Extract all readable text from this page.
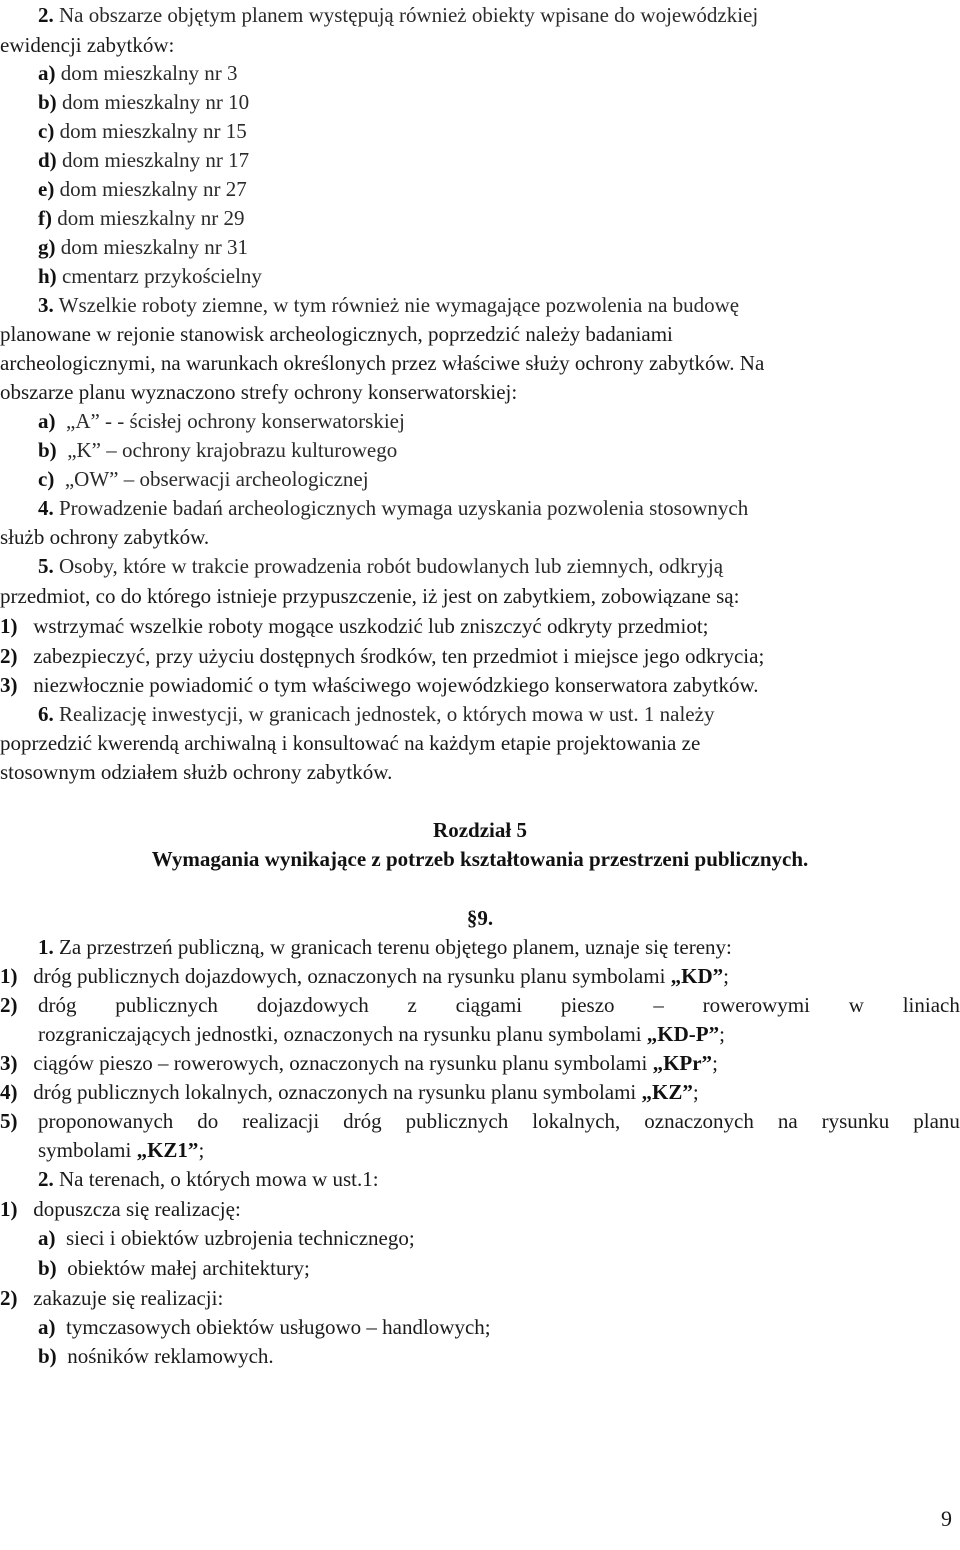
2. Na obszarze objętym planem występują również obiekty wpisane do wojewódzkiej
ewidencji zabytków:
a) dom mieszkalny nr 3
b) dom mieszkalny nr 10
c) dom mieszkalny nr 15
d) dom mieszkalny nr 17
e) dom mieszkalny nr 27
f) dom mieszkalny nr 29
g) dom mieszkalny nr 31
h) cmentarz przykościelny
3. Wszelkie roboty ziemne, w tym również nie wymagające pozwolenia na budowę
planowane w rejonie stanowisk archeologicznych, poprzedzić należy badaniami
archeologicznymi, na warunkach określonych przez właściwe służy ochrony zabytków. Na
obszarze planu wyznaczono strefy ochrony konserwatorskiej:
a) „A” - - ścisłej ochrony konserwatorskiej
b) „K” – ochrony krajobrazu kulturowego
c) „OW” – obserwacji archeologicznej
4. Prowadzenie badań archeologicznych wymaga uzyskania pozwolenia stosownych
służb ochrony zabytków.
5. Osoby, które w trakcie prowadzenia robót budowlanych lub ziemnych, odkryją
przedmiot, co do którego istnieje przypuszczenie, iż jest on zabytkiem, zobowiązane są:
1) wstrzymać wszelkie roboty mogące uszkodzić lub zniszczyć odkryty przedmiot;
2) zabezpieczyć, przy użyciu dostępnych środków, ten przedmiot i miejsce jego odkrycia;
3) niezwłocznie powiadomić o tym właściwego wojewódzkiego konserwatora zabytków.
6. Realizację inwestycji, w granicach jednostek, o których mowa w ust. 1 należy
poprzedzić kwerendą archiwalną i konsultować na każdym etapie projektowania ze
stosownym odziałem służb ochrony zabytków.
Rozdział 5
Wymagania wynikające z potrzeb kształtowania przestrzeni publicznych.
§9.
1. Za przestrzeń publiczną, w granicach terenu objętego planem, uznaje się tereny:
1) dróg publicznych dojazdowych, oznaczonych na rysunku planu symbolami „KD”;
2) dróg publicznych dojazdowych z ciągami pieszo – rowerowymi w liniach
rozgraniczających jednostki, oznaczonych na rysunku planu symbolami „KD-P”;
3) ciągów pieszo – rowerowych, oznaczonych na rysunku planu symbolami „KPr”;
4) dróg publicznych lokalnych, oznaczonych na rysunku planu symbolami „KZ”;
5) proponowanych do realizacji dróg publicznych lokalnych, oznaczonych na rysunku planu
symbolami „KZ1”;
2. Na terenach, o których mowa w ust.1:
1) dopuszcza się realizację:
a) sieci i obiektów uzbrojenia technicznego;
b) obiektów małej architektury;
2) zakazuje się realizacji:
a) tymczasowych obiektów usługowo – handlowych;
b) nośników reklamowych.
9
